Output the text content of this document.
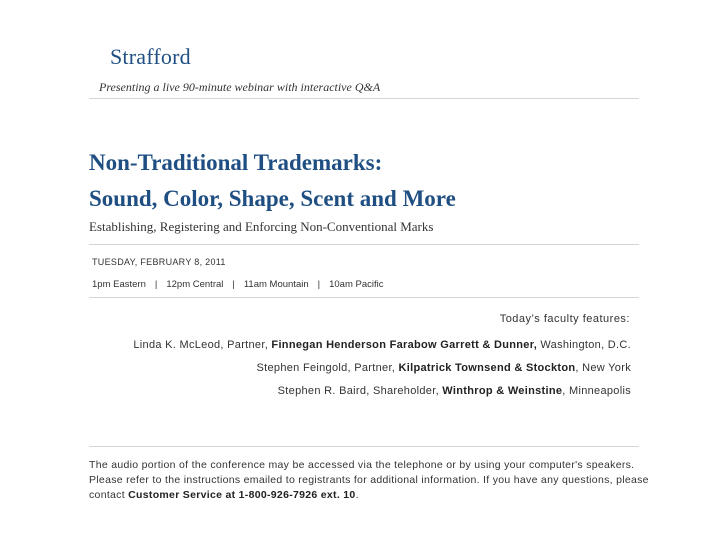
Strafford
Presenting a live 90-minute webinar with interactive Q&A
Non-Traditional Trademarks:
Sound, Color, Shape, Scent and More
Establishing, Registering and Enforcing Non-Conventional Marks
TUESDAY, FEBRUARY 8, 2011
1pm Eastern | 12pm Central | 11am Mountain | 10am Pacific
Today’s faculty features:
Linda K. McLeod, Partner, Finnegan Henderson Farabow Garrett & Dunner, Washington, D.C.
Stephen Feingold, Partner, Kilpatrick Townsend & Stockton, New York
Stephen R. Baird, Shareholder, Winthrop & Weinstine, Minneapolis
The audio portion of the conference may be accessed via the telephone or by using your computer's speakers. Please refer to the instructions emailed to registrants for additional information. If you have any questions, please contact Customer Service at 1-800-926-7926 ext. 10.
